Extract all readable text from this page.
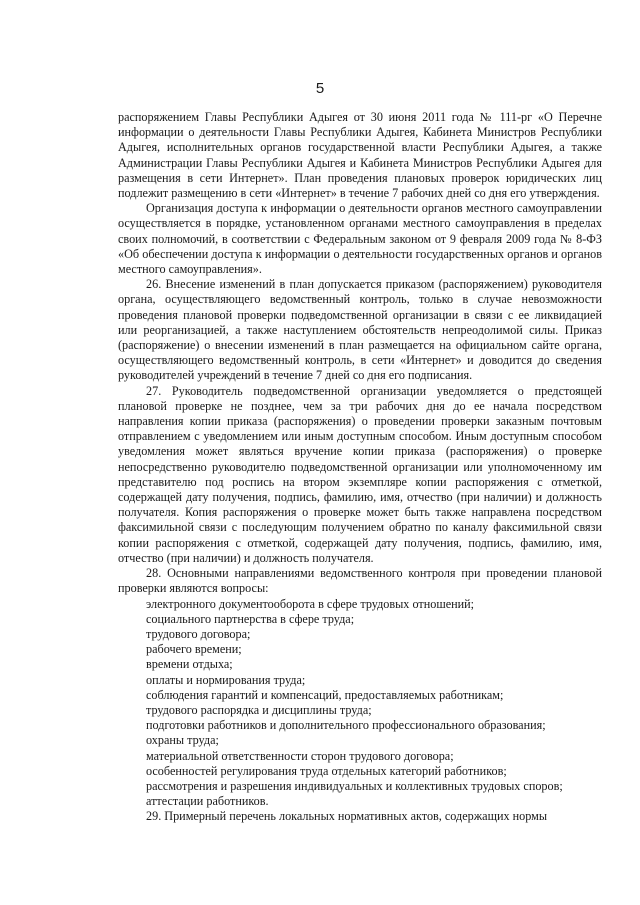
5

распоряжением Главы Республики Адыгея от 30 июня 2011 года № 111-рг «О Перечне информации о деятельности Главы Республики Адыгея, Кабинета Министров Республики Адыгея, исполнительных органов государственной власти Республики Адыгея, а также Администрации Главы Республики Адыгея и Кабинета Министров Республики Адыгея для размещения в сети Интернет». План проведения плановых проверок юридических лиц подлежит размещению в сети «Интернет» в течение 7 рабочих дней со дня его утверждения.

Организация доступа к информации о деятельности органов местного самоуправлении осуществляется в порядке, установленном органами местного самоуправления в пределах своих полномочий, в соответствии с Федеральным законом от 9 февраля 2009 года № 8-ФЗ «Об обеспечении доступа к информации о деятельности государственных органов и органов местного самоуправления».

26. Внесение изменений в план допускается приказом (распоряжением) руководителя органа, осуществляющего ведомственный контроль, только в случае невозможности проведения плановой проверки подведомственной организации в связи с ее ликвидацией или реорганизацией, а также наступлением обстоятельств непреодолимой силы. Приказ (распоряжение) о внесении изменений в план размещается на официальном сайте органа, осуществляющего ведомственный контроль, в сети «Интернет» и доводится до сведения руководителей учреждений в течение 7 дней со дня его подписания.

27. Руководитель подведомственной организации уведомляется о предстоящей плановой проверке не позднее, чем за три рабочих дня до ее начала посредством направления копии приказа (распоряжения) о проведении проверки заказным почтовым отправлением с уведомлением или иным доступным способом. Иным доступным способом уведомления может являться вручение копии приказа (распоряжения) о проверке непосредственно руководителю подведомственной организации или уполномоченному им представителю под роспись на втором экземпляре копии распоряжения с отметкой, содержащей дату получения, подпись, фамилию, имя, отчество (при наличии) и должность получателя. Копия распоряжения о проверке может быть также направлена посредством факсимильной связи с последующим получением обратно по каналу факсимильной связи копии распоряжения с отметкой, содержащей дату получения, подпись, фамилию, имя, отчество (при наличии) и должность получателя.

28. Основными направлениями ведомственного контроля при проведении плановой проверки являются вопросы:

электронного документооборота в сфере трудовых отношений;
социального партнерства в сфере труда;
трудового договора;
рабочего времени;
времени отдыха;
оплаты и нормирования труда;
соблюдения гарантий и компенсаций, предоставляемых работникам;
трудового распорядка и дисциплины труда;
подготовки работников и дополнительного профессионального образования;
охраны труда;
материальной ответственности сторон трудового договора;
особенностей регулирования труда отдельных категорий работников;
рассмотрения и разрешения индивидуальных и коллективных трудовых споров;
аттестации работников.

29. Примерный перечень локальных нормативных актов, содержащих нормы
